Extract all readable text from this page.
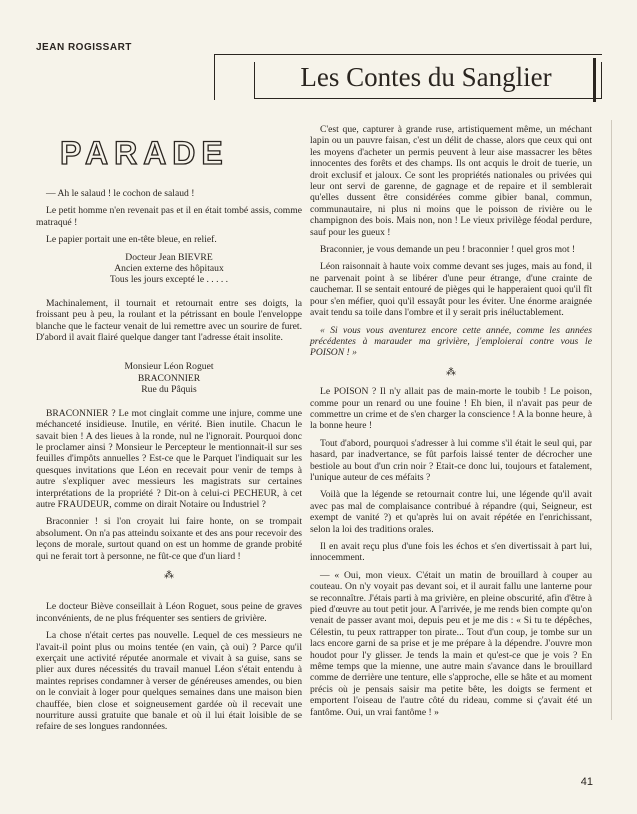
JEAN ROGISSART
Les Contes du Sanglier
PARADE

— Ah le salaud ! le cochon de salaud !

Le petit homme n'en revenait pas et il en était tombé assis, comme matraqué !

Le papier portait une en-tête bleue, en relief.

Docteur Jean BIEVRE

Ancien externe des hôpitaux

Tous les jours excepté le . . . . .

Machinalement, il tournait et retournait entre ses doigts, la froissant peu à peu, la roulant et la pétrissant en boule l'enveloppe blanche que le facteur venait de lui remettre avec un sourire de furet. D'abord il avait flairé quelque danger tant l'adresse était insolite.

Monsieur Léon Roguet

BRACONNIER

Rue du Pâquis

BRACONNIER ? Le mot cinglait comme une injure, comme une méchanceté insidieuse. Inutile, en vérité. Bien inutile. Chacun le savait bien ! A des lieues à la ronde, nul ne l'ignorait. Pourquoi donc le proclamer ainsi ? Monsieur le Percepteur le mentionnait-il sur ses feuilles d'impôts annuelles ? Est-ce que le Parquet l'indiquait sur les quesques invitations que Léon en recevait pour venir de temps à autre s'expliquer avec messieurs les magistrats sur certaines interprétations de la propriété ? Dit-on à celui-ci PECHEUR, à cet autre FRAUDEUR, comme on dirait Notaire ou Industriel ?

Braconnier ! si l'on croyait lui faire honte, on se trompait absolument. On n'a pas atteindu soixante et des ans pour recevoir des leçons de morale, surtout quand on est un homme de grande probité qui ne ferait tort à personne, ne fût-ce que d'un liard !

⁂

Le docteur Biève conseillait à Léon Roguet, sous peine de graves inconvénients, de ne plus fréquenter ses sentiers de grivière.

La chose n'était certes pas nouvelle. Lequel de ces messieurs ne l'avait-il point plus ou moins tentée (en vain, çà oui) ? Parce qu'il exerçait une activité réputée anormale et vivait à sa guise, sans se plier aux dures nécessités du travail manuel Léon s'était entendu à maintes reprises condamner à verser de généreuses amendes, ou bien on le conviait à loger pour quelques semaines dans une maison bien chauffée, bien close et soigneusement gardée où il recevait une nourriture aussi gratuite que banale et où il lui était loisible de se refaire de ses longues randonnées.

C'est que, capturer à grande ruse, artistiquement même, un méchant lapin ou un pauvre faisan, c'est un délit de chasse, alors que ceux qui ont les moyens d'acheter un permis peuvent à leur aise massacrer les bêtes innocentes des forêts et des champs. Ils ont acquis le droit de tuerie, un droit exclusif et jaloux. Ce sont les propriétés nationales ou privées qui leur ont servi de garenne, de gagnage et de repaire et il semblerait qu'elles dussent être considérées comme gibier banal, commun, communautaire, ni plus ni moins que le poisson de rivière ou le champignon des bois. Mais non, non ! Le vieux privilège féodal perdure, sauf pour les gueux !

Braconnier, je vous demande un peu ! braconnier ! quel gros mot !

Léon raisonnait à haute voix comme devant ses juges, mais au fond, il ne parvenait point à se libérer d'une peur étrange, d'une crainte de cauchemar. Il se sentait entouré de pièges qui le happeraient quoi qu'il fît pour s'en méfier, quoi qu'il essayât pour les éviter. Une énorme araignée avait tendu sa toile dans l'ombre et il y serait pris inéluctablement.

« Si vous vous aventurez encore cette année, comme les années précédentes à marauder ma grivière, j'emploierai contre vous le POISON ! »

⁂

Le POISON ? Il n'y allait pas de main-morte le toubib ! Le poison, comme pour un renard ou une fouine ! Eh bien, il n'avait pas peur de commettre un crime et de s'en charger la conscience ! A la bonne heure, à la bonne heure !

Tout d'abord, pourquoi s'adresser à lui comme s'il était le seul qui, par hasard, par inadvertance, se fût parfois laissé tenter de décrocher une bestiole au bout d'un crin noir ? Etait-ce donc lui, toujours et fatalement, l'unique auteur de ces méfaits ?

Voilà que la légende se retournait contre lui, une légende qu'il avait avec pas mal de complaisance contribué à répandre (qui, Seigneur, est exempt de vanité ?) et qu'après lui on avait répétée en l'enrichissant, selon la loi des traditions orales.

Il en avait reçu plus d'une fois les échos et s'en divertissait à part lui, innocemment.

— « Oui, mon vieux. C'était un matin de brouillard à couper au couteau. On n'y voyait pas devant soi, et il aurait fallu une lanterne pour se reconnaître. J'étais parti à ma grivière, en pleine obscurité, afin d'être à pied d'œuvre au tout petit jour. A l'arrivée, je me rends bien compte qu'on venait de passer avant moi, depuis peu et je me dis : « Si tu te dépêches, Célestin, tu peux rattrapper ton pirate... Tout d'un coup, je tombe sur un lacs encore garni de sa prise et je me prépare à la dépendre. J'ouvre mon houdot pour l'y glisser. Je tends la main et qu'est-ce que je vois ? En même temps que la mienne, une autre main s'avance dans le brouillard comme de derrière une tenture, elle s'approche, elle se hâte et au moment précis où je pensais saisir ma petite bête, les doigts se ferment et emportent l'oiseau de l'autre côté du rideau, comme si ç'avait été un fantôme. Oui, un vrai fantôme ! »

41
